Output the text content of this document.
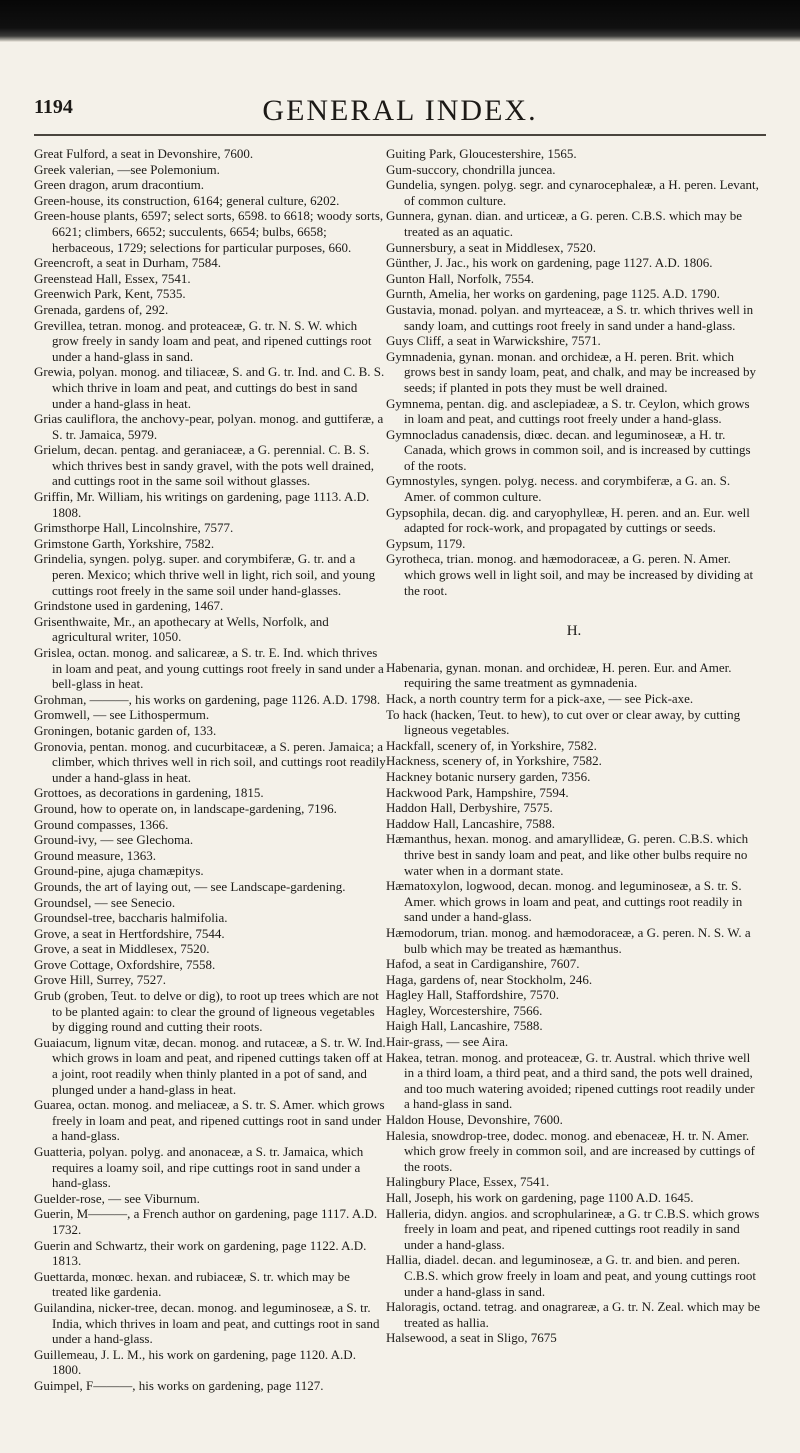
1194	GENERAL INDEX.

Great Fulford, a seat in Devonshire, 7600.

Greek valerian, —see Polemonium.

Green dragon, arum dracontium.

Green-house, its construction, 6164; general culture, 6202.

Green-house plants, 6597; select sorts, 6598. to 6618; woody sorts, 6621; climbers, 6652; succulents, 6654; bulbs, 6658; herbaceous, 1729; selections for particular purposes, 660.

Greencroft, a seat in Durham, 7584.

Greenstead Hall, Essex, 7541.

Greenwich Park, Kent, 7535.

Grenada, gardens of, 292.

Grevillea, tetran. monog. and proteaceæ, G. tr. N. S. W. which grow freely in sandy loam and peat, and ripened cuttings root under a hand-glass in sand.

Grewia, polyan. monog. and tiliaceæ, S. and G. tr. Ind. and C. B. S. which thrive in loam and peat, and cuttings do best in sand under a hand-glass in heat.

Grias cauliflora, the anchovy-pear, polyan. monog. and guttiferæ, a S. tr. Jamaica, 5979.

Grielum, decan. pentag. and geraniaceæ, a G. perennial. C. B. S. which thrives best in sandy gravel, with the pots well drained, and cuttings root in the same soil without glasses.

Griffin, Mr. William, his writings on gardening, page 1113. A.D. 1808.

Grimsthorpe Hall, Lincolnshire, 7577.

Grimstone Garth, Yorkshire, 7582.

Grindelia, syngen. polyg. super. and corymbiferæ, G. tr. and a peren. Mexico; which thrive well in light, rich soil, and young cuttings root freely in the same soil under hand-glasses.

Grindstone used in gardening, 1467.

Grisenthwaite, Mr., an apothecary at Wells, Norfolk, and agricultural writer, 1050.

Grislea, octan. monog. and salicareæ, a S. tr. E. Ind. which thrives in loam and peat, and young cuttings root freely in sand under a bell-glass in heat.

Grohman, ———, his works on gardening, page 1126. A.D. 1798.

Gromwell, — see Lithospermum.

Groningen, botanic garden of, 133.

Gronovia, pentan. monog. and cucurbitaceæ, a S. peren. Jamaica; a climber, which thrives well in rich soil, and cuttings root readily under a hand-glass in heat.

Grottoes, as decorations in gardening, 1815.

Ground, how to operate on, in landscape-gardening, 7196.

Ground compasses, 1366.

Ground-ivy, — see Glechoma.

Ground measure, 1363.

Ground-pine, ajuga chamæpitys.

Grounds, the art of laying out, — see Landscape-gardening.

Groundsel, — see Senecio.

Groundsel-tree, baccharis halmifolia.

Grove, a seat in Hertfordshire, 7544.

Grove, a seat in Middlesex, 7520.

Grove Cottage, Oxfordshire, 7558.

Grove Hill, Surrey, 7527.

Grub (groben, Teut. to delve or dig), to root up trees which are not to be planted again: to clear the ground of ligneous vegetables by digging round and cutting their roots.

Guaiacum, lignum vitæ, decan. monog. and rutaceæ, a S. tr. W. Ind. which grows in loam and peat, and ripened cuttings taken off at a joint, root readily when thinly planted in a pot of sand, and plunged under a hand-glass in heat.

Guarea, octan. monog. and meliaceæ, a S. tr. S. Amer. which grows freely in loam and peat, and ripened cuttings root in sand under a hand-glass.

Guatteria, polyan. polyg. and anonaceæ, a S. tr. Jamaica, which requires a loamy soil, and ripe cuttings root in sand under a hand-glass.

Guelder-rose, — see Viburnum.

Guerin, M———, a French author on gardening, page 1117. A.D. 1732.

Guerin and Schwartz, their work on gardening, page 1122. A.D. 1813.

Guettarda, monœc. hexan. and rubiaceæ, S. tr. which may be treated like gardenia.

Guilandina, nicker-tree, decan. monog. and leguminoseæ, a S. tr. India, which thrives in loam and peat, and cuttings root in sand under a hand-glass.

Guillemeau, J. L. M., his work on gardening, page 1120. A.D. 1800.

Guimpel, F———, his works on gardening, page 1127.

Guiting Park, Gloucestershire, 1565.

Gum-succory, chondrilla juncea.

Gundelia, syngen. polyg. segr. and cynarocephaleæ, a H. peren. Levant, of common culture.

Gunnera, gynan. dian. and urticeæ, a G. peren. C.B.S. which may be treated as an aquatic.

Gunnersbury, a seat in Middlesex, 7520.

Günther, J. Jac., his work on gardening, page 1127. A.D. 1806.

Gunton Hall, Norfolk, 7554.

Gurnth, Amelia, her works on gardening, page 1125. A.D. 1790.

Gustavia, monad. polyan. and myrteaceæ, a S. tr. which thrives well in sandy loam, and cuttings root freely in sand under a hand-glass.

Guys Cliff, a seat in Warwickshire, 7571.

Gymnadenia, gynan. monan. and orchideæ, a H. peren. Brit. which grows best in sandy loam, peat, and chalk, and may be increased by seeds; if planted in pots they must be well drained.

Gymnema, pentan. dig. and asclepiadeæ, a S. tr. Ceylon, which grows in loam and peat, and cuttings root freely under a hand-glass.

Gymnocladus canadensis, diœc. decan. and leguminoseæ, a H. tr. Canada, which grows in common soil, and is increased by cuttings of the roots.

Gymnostyles, syngen. polyg. necess. and corymbiferæ, a G. an. S. Amer. of common culture.

Gypsophila, decan. dig. and caryophylleæ, H. peren. and an. Eur. well adapted for rock-work, and propagated by cuttings or seeds.

Gypsum, 1179.

Gyrotheca, trian. monog. and hæmodoraceæ, a G. peren. N. Amer. which grows well in light soil, and may be increased by dividing at the root.

H.

Habenaria, gynan. monan. and orchideæ, H. peren. Eur. and Amer. requiring the same treatment as gymnadenia.

Hack, a north country term for a pick-axe, — see Pick-axe.

To hack (hacken, Teut. to hew), to cut over or clear away, by cutting ligneous vegetables.

Hackfall, scenery of, in Yorkshire, 7582.

Hackness, scenery of, in Yorkshire, 7582.

Hackney botanic nursery garden, 7356.

Hackwood Park, Hampshire, 7594.

Haddon Hall, Derbyshire, 7575.

Haddow Hall, Lancashire, 7588.

Hæmanthus, hexan. monog. and amaryllideæ, G. peren. C.B.S. which thrive best in sandy loam and peat, and like other bulbs require no water when in a dormant state.

Hæmatoxylon, logwood, decan. monog. and leguminoseæ, a S. tr. S. Amer. which grows in loam and peat, and cuttings root readily in sand under a hand-glass.

Hæmodorum, trian. monog. and hæmodoraceæ, a G. peren. N. S. W. a bulb which may be treated as hæmanthus.

Hafod, a seat in Cardiganshire, 7607.

Haga, gardens of, near Stockholm, 246.

Hagley Hall, Staffordshire, 7570.

Hagley, Worcestershire, 7566.

Haigh Hall, Lancashire, 7588.

Hair-grass, — see Aira.

Hakea, tetran. monog. and proteaceæ, G. tr. Austral. which thrive well in a third loam, a third peat, and a third sand, the pots well drained, and too much watering avoided; ripened cuttings root readily under a hand-glass in sand.

Haldon House, Devonshire, 7600.

Halesia, snowdrop-tree, dodec. monog. and ebenaceæ, H. tr. N. Amer. which grow freely in common soil, and are increased by cuttings of the roots.

Halingbury Place, Essex, 7541.

Hall, Joseph, his work on gardening, page 1100 A.D. 1645.

Halleria, didyn. angios. and scrophularineæ, a G. tr C.B.S. which grows freely in loam and peat, and ripened cuttings root readily in sand under a hand-glass.

Hallia, diadel. decan. and leguminoseæ, a G. tr. and bien. and peren. C.B.S. which grow freely in loam and peat, and young cuttings root under a hand-glass in sand.

Haloragis, octand. tetrag. and onagrareæ, a G. tr. N. Zeal. which may be treated as hallia.

Halsewood, a seat in Sligo, 7675
